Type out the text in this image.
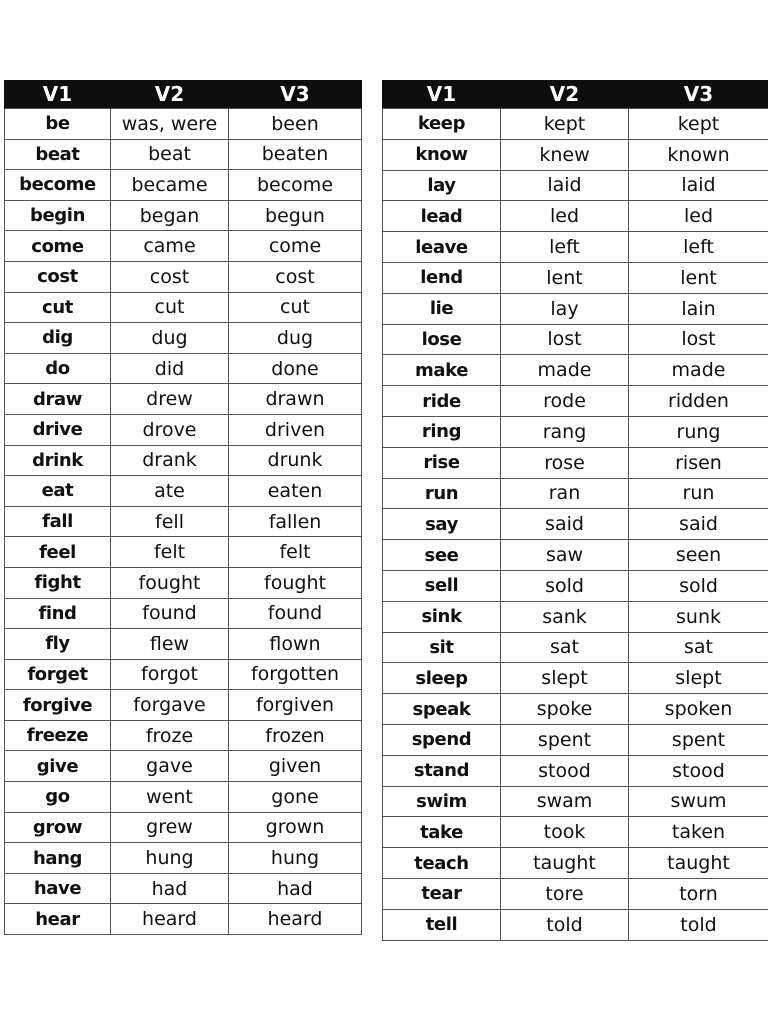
V1	V2	V3
be	was, were	been
beat	beat	beaten
become	became	become
begin	began	begun
come	came	come
cost	cost	cost
cut	cut	cut
dig	dug	dug
do	did	done
draw	drew	drawn
drive	drove	driven
drink	drank	drunk
eat	ate	eaten
fall	fell	fallen
feel	felt	felt
fight	fought	fought
find	found	found
fly	flew	flown
forget	forgot	forgotten
forgive	forgave	forgiven
freeze	froze	frozen
give	gave	given
go	went	gone
grow	grew	grown
hang	hung	hung
have	had	had
hear	heard	heard
V1	V2	V3
keep	kept	kept
know	knew	known
lay	laid	laid
lead	led	led
leave	left	left
lend	lent	lent
lie	lay	lain
lose	lost	lost
make	made	made
ride	rode	ridden
ring	rang	rung
rise	rose	risen
run	ran	run
say	said	said
see	saw	seen
sell	sold	sold
sink	sank	sunk
sit	sat	sat
sleep	slept	slept
speak	spoke	spoken
spend	spent	spent
stand	stood	stood
swim	swam	swum
take	took	taken
teach	taught	taught
tear	tore	torn
tell	told	told
